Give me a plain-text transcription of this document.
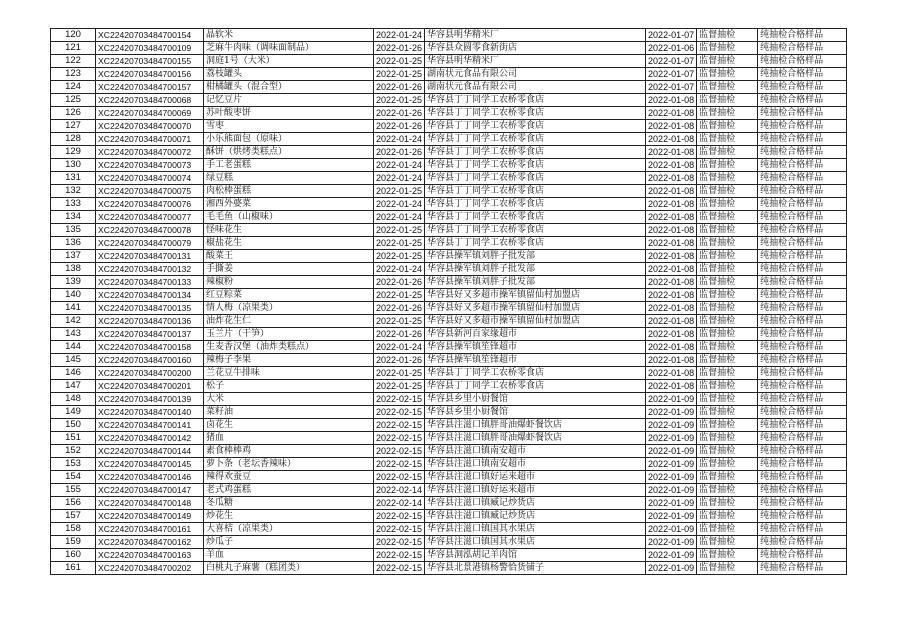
120	XC22420703484700154	晶软米	2022-01-24	华容县明华精米厂	2022-01-07	监督抽检	纯抽检合格样品
121	XC22420703484700109	芝麻牛肉味（调味面制品）	2022-01-26	华容县众圆零食新街店	2022-01-06	监督抽检	纯抽检合格样品
122	XC22420703484700155	洞庭1号（大米）	2022-01-25	华容县明华精米厂	2022-01-07	监督抽检	纯抽检合格样品
123	XC22420703484700156	荔枝罐头	2022-01-25	湖南状元食品有限公司	2022-01-07	监督抽检	纯抽检合格样品
124	XC22420703484700157	柑橘罐头（混合型）	2022-01-26	湖南状元食品有限公司	2022-01-07	监督抽检	纯抽检合格样品
125	XC22420703484700068	记忆豆片	2022-01-25	华容县丁丁同学工农桥零食店	2022-01-08	监督抽检	纯抽检合格样品
126	XC22420703484700069	苏叶酸枣饼	2022-01-26	华容县丁丁同学工农桥零食店	2022-01-08	监督抽检	纯抽检合格样品
127	XC22420703484700070	雪枣	2022-01-26	华容县丁丁同学工农桥零食店	2022-01-08	监督抽检	纯抽检合格样品
128	XC22420703484700071	小乐熊面包（原味）	2022-01-24	华容县丁丁同学工农桥零食店	2022-01-08	监督抽检	纯抽检合格样品
129	XC22420703484700072	酥饼（烘烤类糕点）	2022-01-26	华容县丁丁同学工农桥零食店	2022-01-08	监督抽检	纯抽检合格样品
130	XC22420703484700073	手工老蛋糕	2022-01-24	华容县丁丁同学工农桥零食店	2022-01-08	监督抽检	纯抽检合格样品
131	XC22420703484700074	绿豆糕	2022-01-24	华容县丁丁同学工农桥零食店	2022-01-08	监督抽检	纯抽检合格样品
132	XC22420703484700075	肉松棒蛋糕	2022-01-25	华容县丁丁同学工农桥零食店	2022-01-08	监督抽检	纯抽检合格样品
133	XC22420703484700076	湘西外婆菜	2022-01-24	华容县丁丁同学工农桥零食店	2022-01-08	监督抽检	纯抽检合格样品
134	XC22420703484700077	毛毛鱼（山椒味）	2022-01-24	华容县丁丁同学工农桥零食店	2022-01-08	监督抽检	纯抽检合格样品
135	XC22420703484700078	怪味花生	2022-01-25	华容县丁丁同学工农桥零食店	2022-01-08	监督抽检	纯抽检合格样品
136	XC22420703484700079	椒盐花生	2022-01-25	华容县丁丁同学工农桥零食店	2022-01-08	监督抽检	纯抽检合格样品
137	XC22420703484700131	酸菜王	2022-01-25	华容县操军镇刘胖子批发部	2022-01-08	监督抽检	纯抽检合格样品
138	XC22420703484700132	手撕姜	2022-01-24	华容县操军镇刘胖子批发部	2022-01-08	监督抽检	纯抽检合格样品
139	XC22420703484700133	辣椒粉	2022-01-26	华容县操军镇刘胖子批发部	2022-01-08	监督抽检	纯抽检合格样品
140	XC22420703484700134	红豆粽菜	2022-01-25	华容县好又多超市操军镇留仙村加盟店	2022-01-08	监督抽检	纯抽检合格样品
141	XC22420703484700135	情人梅（凉果类）	2022-01-26	华容县好又多超市操军镇留仙村加盟店	2022-01-08	监督抽检	纯抽检合格样品
142	XC22420703484700136	油炸花生仁	2022-01-25	华容县好又多超市操军镇留仙村加盟店	2022-01-08	监督抽检	纯抽检合格样品
143	XC22420703484700137	玉兰片（干笋）	2022-01-26	华容县新河百家缘超市	2022-01-08	监督抽检	纯抽检合格样品
144	XC22420703484700158	生麦香汉堡（油炸类糕点）	2022-01-24	华容县操军镇笙锋超市	2022-01-08	监督抽检	纯抽检合格样品
145	XC22420703484700160	辣梅子李果	2022-01-26	华容县操军镇笙锋超市	2022-01-08	监督抽检	纯抽检合格样品
146	XC22420703484700200	兰花豆牛排味	2022-01-25	华容县丁丁同学工农桥零食店	2022-01-08	监督抽检	纯抽检合格样品
147	XC22420703484700201	松子	2022-01-25	华容县丁丁同学工农桥零食店	2022-01-08	监督抽检	纯抽检合格样品
148	XC22420703484700139	大米	2022-02-15	华容县乡里小厨餐馆	2022-01-09	监督抽检	纯抽检合格样品
149	XC22420703484700140	菜籽油	2022-02-15	华容县乡里小厨餐馆	2022-01-09	监督抽检	纯抽检合格样品
150	XC22420703484700141	卤花生	2022-02-15	华容县注滋口镇胖哥油爆虾餐饮店	2022-01-09	监督抽检	纯抽检合格样品
151	XC22420703484700142	猪血	2022-02-15	华容县注滋口镇胖哥油爆虾餐饮店	2022-01-09	监督抽检	纯抽检合格样品
152	XC22420703484700144	素食棒棒鸡	2022-02-15	华容县注滋口镇南安超市	2022-01-09	监督抽检	纯抽检合格样品
153	XC22420703484700145	萝卜条（老坛香辣味）	2022-02-15	华容县注滋口镇南安超市	2022-01-09	监督抽检	纯抽检合格样品
154	XC22420703484700146	辣得欢蚕豆	2022-02-15	华容县注滋口镇好运来超市	2022-01-09	监督抽检	纯抽检合格样品
155	XC22420703484700147	老式鸡蛋糕	2022-02-14	华容县注滋口镇好运来超市	2022-01-09	监督抽检	纯抽检合格样品
156	XC22420703484700148	冬瓜糖	2022-02-14	华容县注滋口镇臧记炒货店	2022-01-09	监督抽检	纯抽检合格样品
157	XC22420703484700149	炒花生	2022-02-15	华容县注滋口镇臧记炒货店	2022-01-09	监督抽检	纯抽检合格样品
158	XC22420703484700161	大喜桔（凉果类）	2022-02-15	华容县注滋口镇国其水果店	2022-01-09	监督抽检	纯抽检合格样品
159	XC22420703484700162	炒瓜子	2022-02-15	华容县注滋口镇国其水果店	2022-01-09	监督抽检	纯抽检合格样品
160	XC22420703484700163	羊血	2022-02-15	华容县洞泓胡记羊肉馆	2022-01-09	监督抽检	纯抽检合格样品
161	XC22420703484700202	白桃丸子麻薯（糕团类）	2022-02-15	华容县北景港镇杨警恰货铺子	2022-01-09	监督抽检	纯抽检合格样品
